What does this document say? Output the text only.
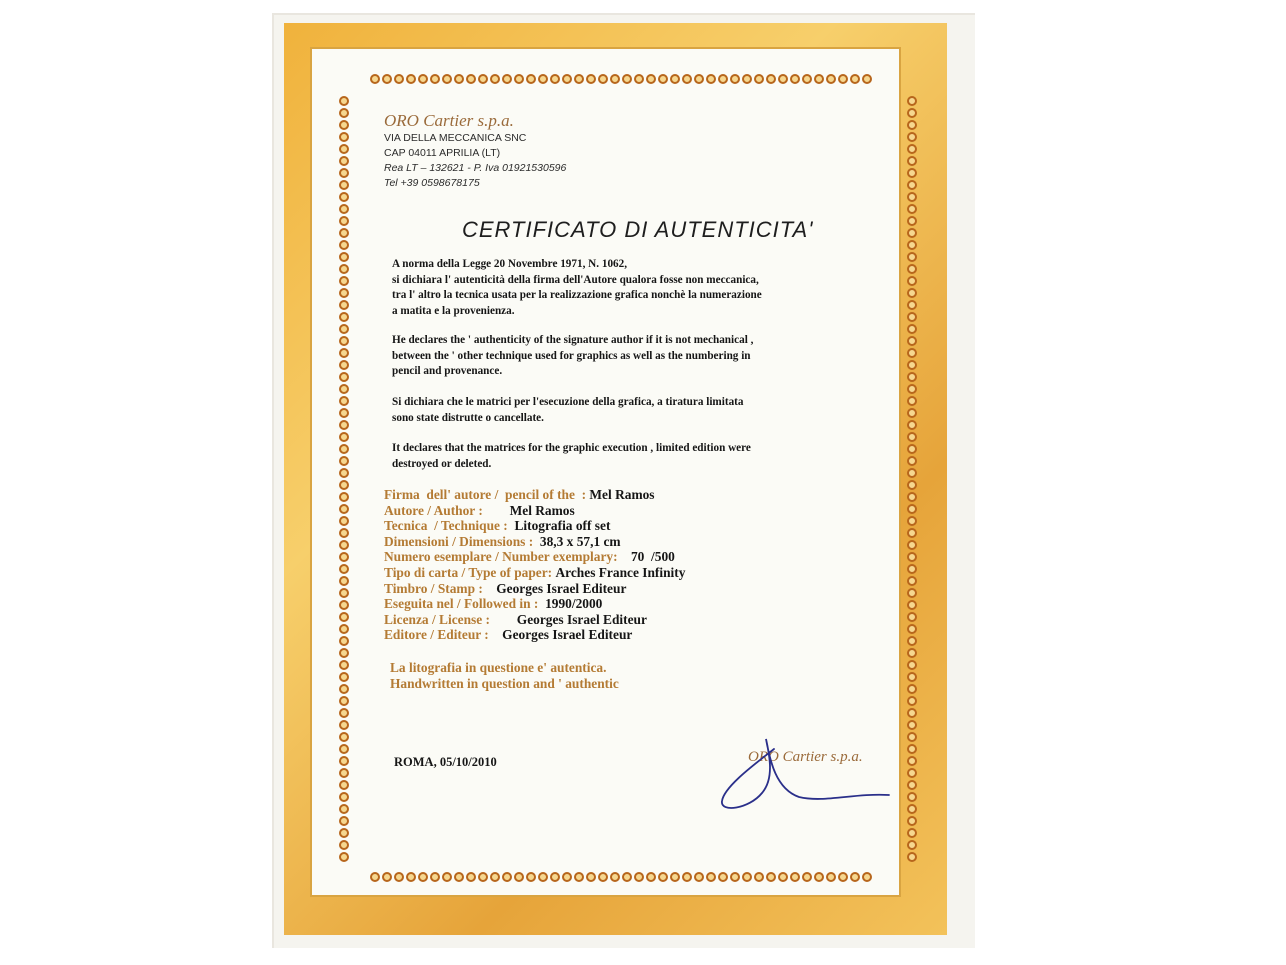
ORO Cartier s.p.a.
VIA DELLA MECCANICA SNC
CAP 04011 APRILIA (LT)
Rea LT – 132621 - P. Iva 01921530596
Tel +39 0598678175
CERTIFICATO DI AUTENTICITA'
A norma della Legge 20 Novembre 1971, N. 1062,
si dichiara l' autenticità della firma dell'Autore qualora fosse non meccanica,
tra l' altro la tecnica usata per la realizzazione grafica nonchè la numerazione
a matita e la provenienza.
He declares the ' authenticity of the signature author if it is not mechanical ,
between the ' other technique used for graphics as well as the numbering in
pencil and provenance.
Si dichiara che le matrici per l'esecuzione della grafica, a tiratura limitata
sono state distrutte o cancellate.
It declares that the matrices for the graphic execution , limited edition were
destroyed or deleted.
Firma  dell' autore /  pencil of the  : Mel Ramos
Autore / Author : Mel Ramos
Tecnica  / Technique : Litografia off set
Dimensioni / Dimensions : 38,3 x 57,1 cm
Numero esemplare / Number exemplary: 70  /500
Tipo di carta / Type of paper: Arches France Infinity
Timbro / Stamp : Georges Israel Editeur
Eseguita nel / Followed in : 1990/2000
Licenza / License : Georges Israel Editeur
Editore / Editeur : Georges Israel Editeur
La litografia in questione e' autentica.
Handwritten in question and ' authentic
ROMA, 05/10/2010	ORO Cartier s.p.a.
